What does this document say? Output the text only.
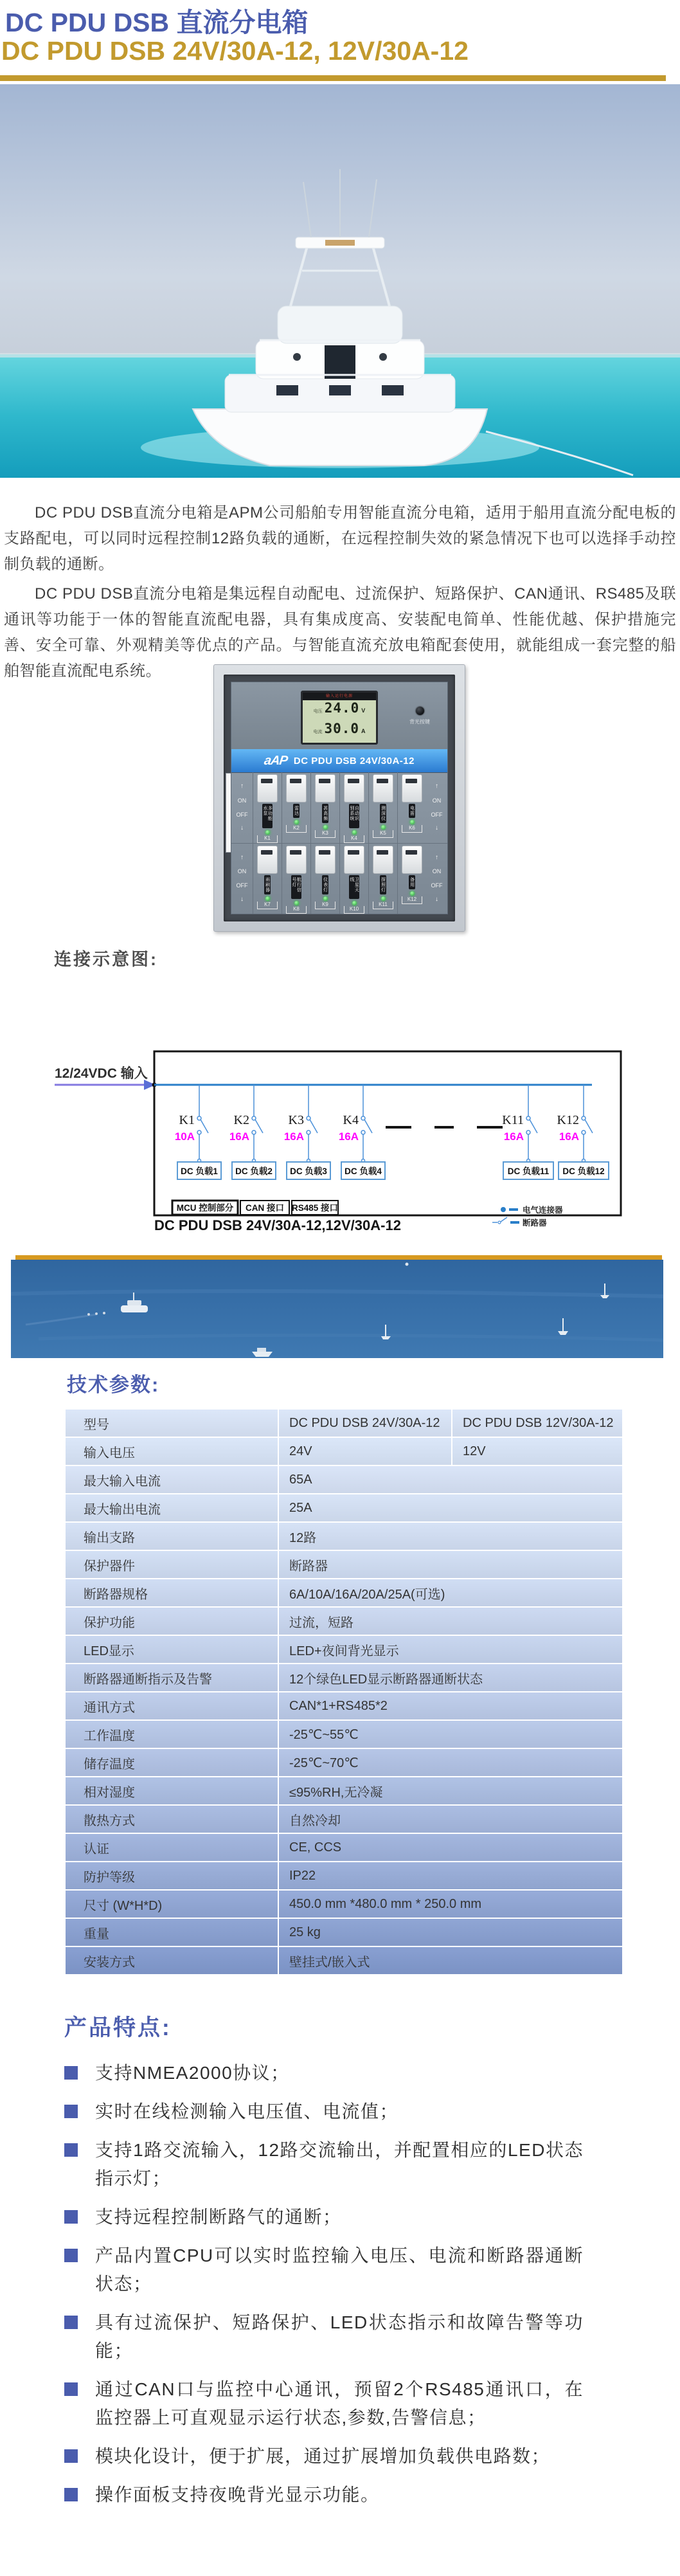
DC PDU DSB 直流分电箱
DC PDU DSB 24V/30A-12, 12V/30A-12

DC PDU DSB直流分电箱是APM公司船舶专用智能直流分电箱，适用于船用直流分配电板的支路配电，可以同时远程控制12路负载的通断，在远程控制失效的紧急情况下也可以选择手动控制负载的通断。

DC PDU DSB直流分电箱是集远程自动配电、过流保护、短路保护、CAN通讯、RS485及联通讯等功能于一体的智能直流配电器，具有集成度高、安装配电简单、性能优越、保护措施完善、安全可靠、外观精美等优点的产品。与智能直流充放电箱配套使用，就能组成一套完整的船舶智能直流配电系统。

输入运行电源
电压 24.0 V
电流 30.0 A
背光按键
aAP DC PDU DSB 24V/30A-12
↑
ON
OFF
↓
多功能水泵
K1
雷达
K2
甚高频
K3
自动识别系统
K4
测深仪
K5
电笛
K6
↑
ON
OFF
↓
↑
ON
OFF
↓
雨刷器
K7
航行信号灯
K8
仪表灯
K9
卫星天线
K10
探照灯
K11
备用
K12
↑
ON
OFF
↓
连接示意图:
12/24VDC 输入
K1
10A
DC 负载1
K2
16A
DC 负载2
K3
16A
DC 负载3
K4
16A
DC 负载4
K11
16A
DC 负载11
K12
16A
DC 负载12
MCU 控制部分 CAN 接口 RS485 接口
DC PDU DSB 24V/30A-12,12V/30A-12
电气连接器
断路器
技术参数:
型号	DC PDU DSB 24V/30A-12	DC PDU DSB 12V/30A-12
输入电压	24V	12V
最大输入电流	65A	
最大输出电流	25A	
输出支路	12路	
保护器件	断路器	
断路器规格	6A/10A/16A/20A/25A(可选)	
保护功能	过流，短路	
LED显示	LED+夜间背光显示	
断路器通断指示及告警	12个绿色LED显示断路器通断状态	
通讯方式	CAN*1+RS485*2	
工作温度	-25℃~55℃	
储存温度	-25℃~70℃	
相对湿度	≤95%RH,无冷凝	
散热方式	自然冷却	
认证	CE, CCS	
防护等级	IP22	
尺寸 (W*H*D)	450.0 mm *480.0 mm * 250.0 mm	
重量	25 kg	
安装方式	壁挂式/嵌入式	
产品特点:
支持NMEA2000协议；
实时在线检测输入电压值、电流值；
支持1路交流输入，12路交流输出，并配置相应的LED状态指示灯；
支持远程控制断路气的通断；
产品内置CPU可以实时监控输入电压、电流和断路器通断状态；
具有过流保护、短路保护、LED状态指示和故障告警等功能；
通过CAN口与监控中心通讯，预留2个RS485通讯口，在监控器上可直观显示运行状态,参数,告警信息；
模块化设计，便于扩展，通过扩展增加负载供电路数；
操作面板支持夜晚背光显示功能。
